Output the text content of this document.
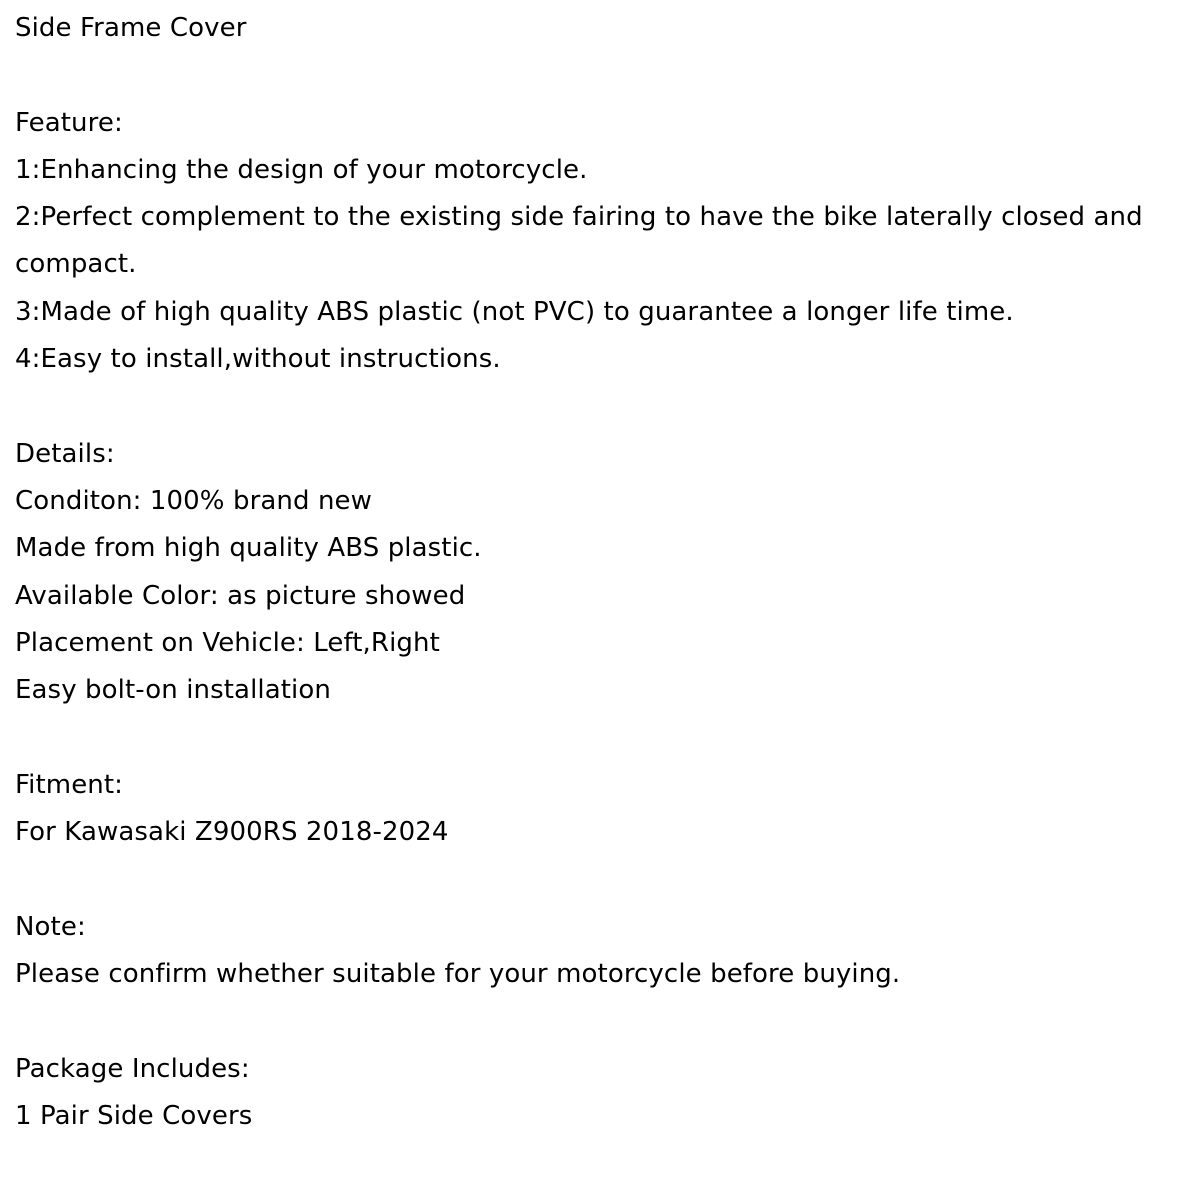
Side Frame Cover
Feature:
1:Enhancing the design of your motorcycle.
2:Perfect complement to the existing side fairing to have the bike laterally closed and compact.
3:Made of high quality ABS plastic (not PVC) to guarantee a longer life time.
4:Easy to install,without instructions.
Details:
Conditon: 100% brand new
Made from high quality ABS plastic.
Available Color: as picture showed
Placement on Vehicle: Left,Right
Easy bolt-on installation
Fitment:
For Kawasaki Z900RS 2018-2024
Note:
Please confirm whether suitable for your motorcycle before buying.
Package Includes:
1 Pair Side Covers
